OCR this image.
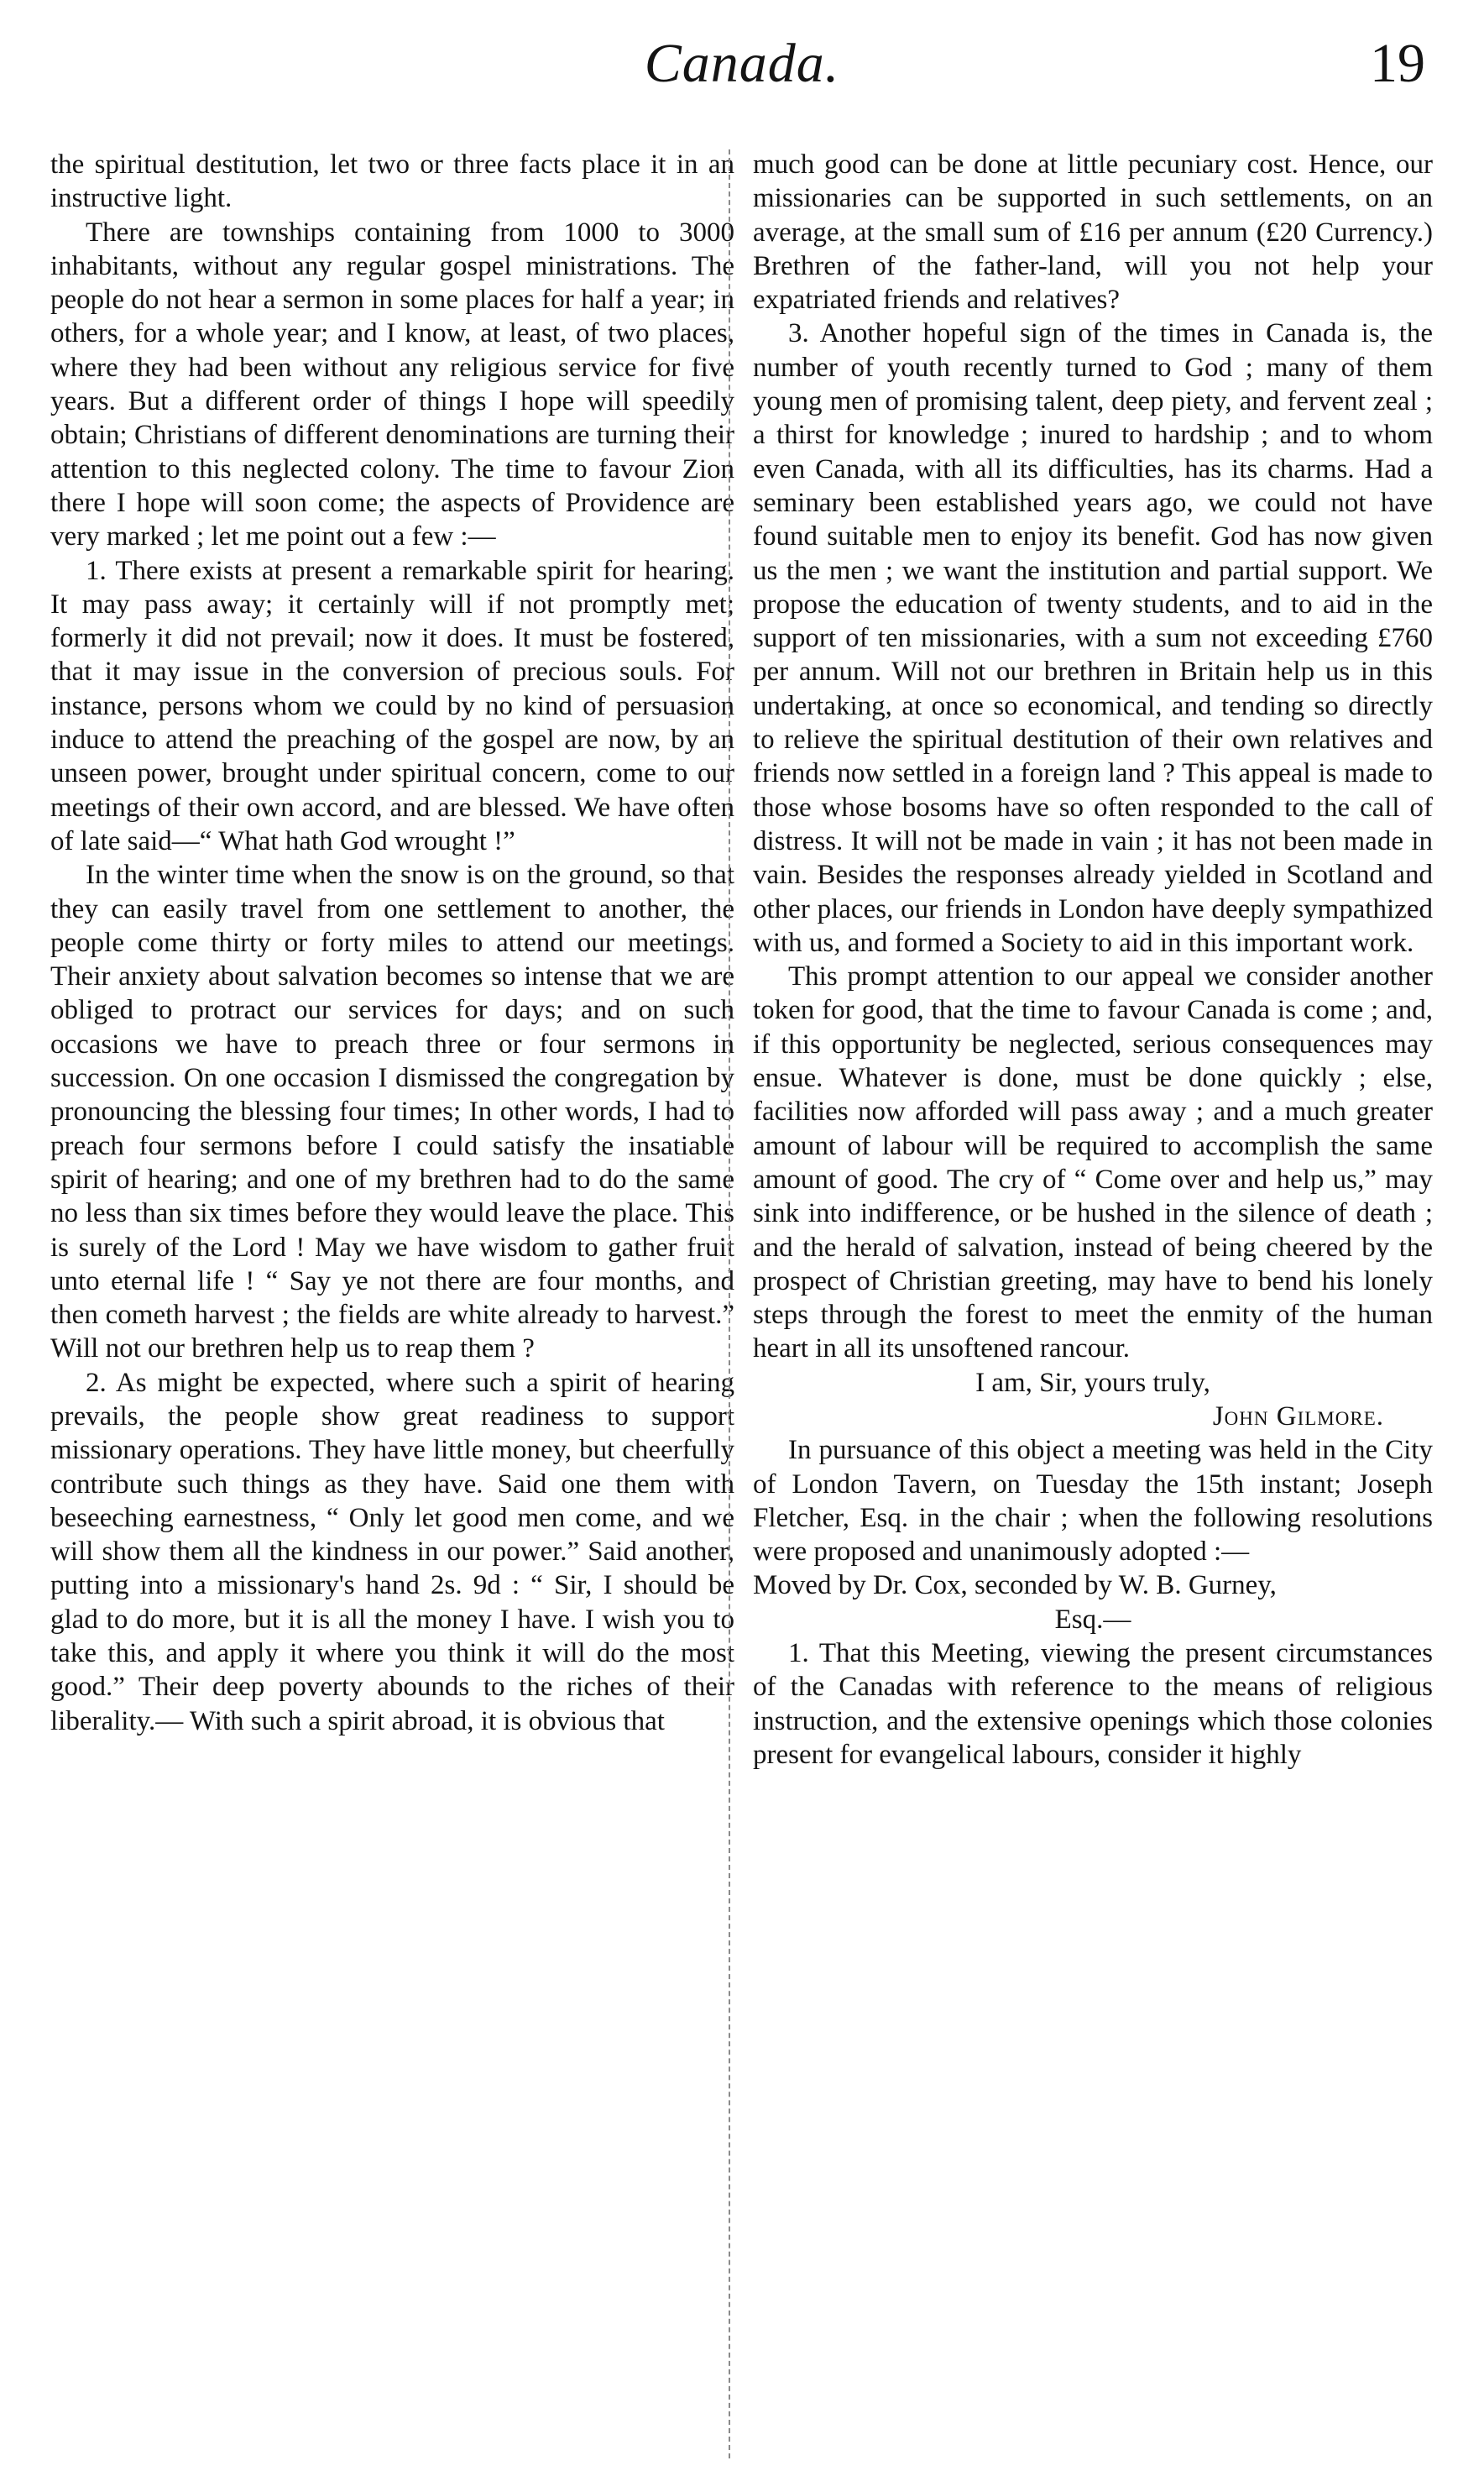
Canada.	19

the spiritual destitution, let two or three facts place it in an instructive light.

There are townships containing from 1000 to 3000 inhabitants, without any regular gospel ministrations. The people do not hear a sermon in some places for half a year; in others, for a whole year; and I know, at least, of two places, where they had been without any religious service for five years. But a different order of things I hope will speedily obtain; Christians of different denominations are turning their attention to this neglected colony. The time to favour Zion there I hope will soon come; the aspects of Providence are very marked ; let me point out a few :—

1. There exists at present a remarkable spirit for hearing. It may pass away; it certainly will if not promptly met; formerly it did not prevail; now it does. It must be fostered, that it may issue in the conversion of precious souls. For instance, persons whom we could by no kind of persuasion induce to attend the preaching of the gospel are now, by an unseen power, brought under spiritual concern, come to our meetings of their own accord, and are blessed. We have often of late said—“ What hath God wrought !”

In the winter time when the snow is on the ground, so that they can easily travel from one settlement to another, the people come thirty or forty miles to attend our meetings. Their anxiety about salvation becomes so intense that we are obliged to protract our services for days; and on such occasions we have to preach three or four sermons in succession. On one occasion I dismissed the congregation by pronouncing the blessing four times; In other words, I had to preach four sermons before I could satisfy the insatiable spirit of hearing; and one of my brethren had to do the same no less than six times before they would leave the place. This is surely of the Lord ! May we have wisdom to gather fruit unto eternal life ! “ Say ye not there are four months, and then cometh harvest ; the fields are white already to harvest.” Will not our brethren help us to reap them ?

2. As might be expected, where such a spirit of hearing prevails, the people show great readiness to support missionary operations. They have little money, but cheerfully contribute such things as they have. Said one them with beseeching earnestness, “ Only let good men come, and we will show them all the kindness in our power.” Said another, putting into a missionary's hand 2s. 9d : “ Sir, I should be glad to do more, but it is all the money I have. I wish you to take this, and apply it where you think it will do the most good.” Their deep poverty abounds to the riches of their liberality.— With such a spirit abroad, it is obvious that

much good can be done at little pecuniary cost. Hence, our missionaries can be supported in such settlements, on an average, at the small sum of £16 per annum (£20 Currency.) Brethren of the father-land, will you not help your expatriated friends and relatives?

3. Another hopeful sign of the times in Canada is, the number of youth recently turned to God ; many of them young men of promising talent, deep piety, and fervent zeal ; a thirst for knowledge ; inured to hardship ; and to whom even Canada, with all its difficulties, has its charms. Had a seminary been established years ago, we could not have found suitable men to enjoy its benefit. God has now given us the men ; we want the institution and partial support. We propose the education of twenty students, and to aid in the support of ten missionaries, with a sum not exceeding £760 per annum. Will not our brethren in Britain help us in this undertaking, at once so economical, and tending so directly to relieve the spiritual destitution of their own relatives and friends now settled in a foreign land ? This appeal is made to those whose bosoms have so often responded to the call of distress. It will not be made in vain ; it has not been made in vain. Besides the responses already yielded in Scotland and other places, our friends in London have deeply sympathized with us, and formed a Society to aid in this important work.

This prompt attention to our appeal we consider another token for good, that the time to favour Canada is come ; and, if this opportunity be neglected, serious consequences may ensue. Whatever is done, must be done quickly ; else, facilities now afforded will pass away ; and a much greater amount of labour will be required to accomplish the same amount of good. The cry of “ Come over and help us,” may sink into indifference, or be hushed in the silence of death ; and the herald of salvation, instead of being cheered by the prospect of Christian greeting, may have to bend his lonely steps through the forest to meet the enmity of the human heart in all its unsoftened rancour.

I am, Sir, yours truly,

John Gilmore.

In pursuance of this object a meeting was held in the City of London Tavern, on Tuesday the 15th instant; Joseph Fletcher, Esq. in the chair ; when the following resolutions were proposed and unanimously adopted :—

Moved by Dr. Cox, seconded by W. B. Gurney,

Esq.—

1. That this Meeting, viewing the present circumstances of the Canadas with reference to the means of religious instruction, and the extensive openings which those colonies present for evangelical labours, consider it highly
